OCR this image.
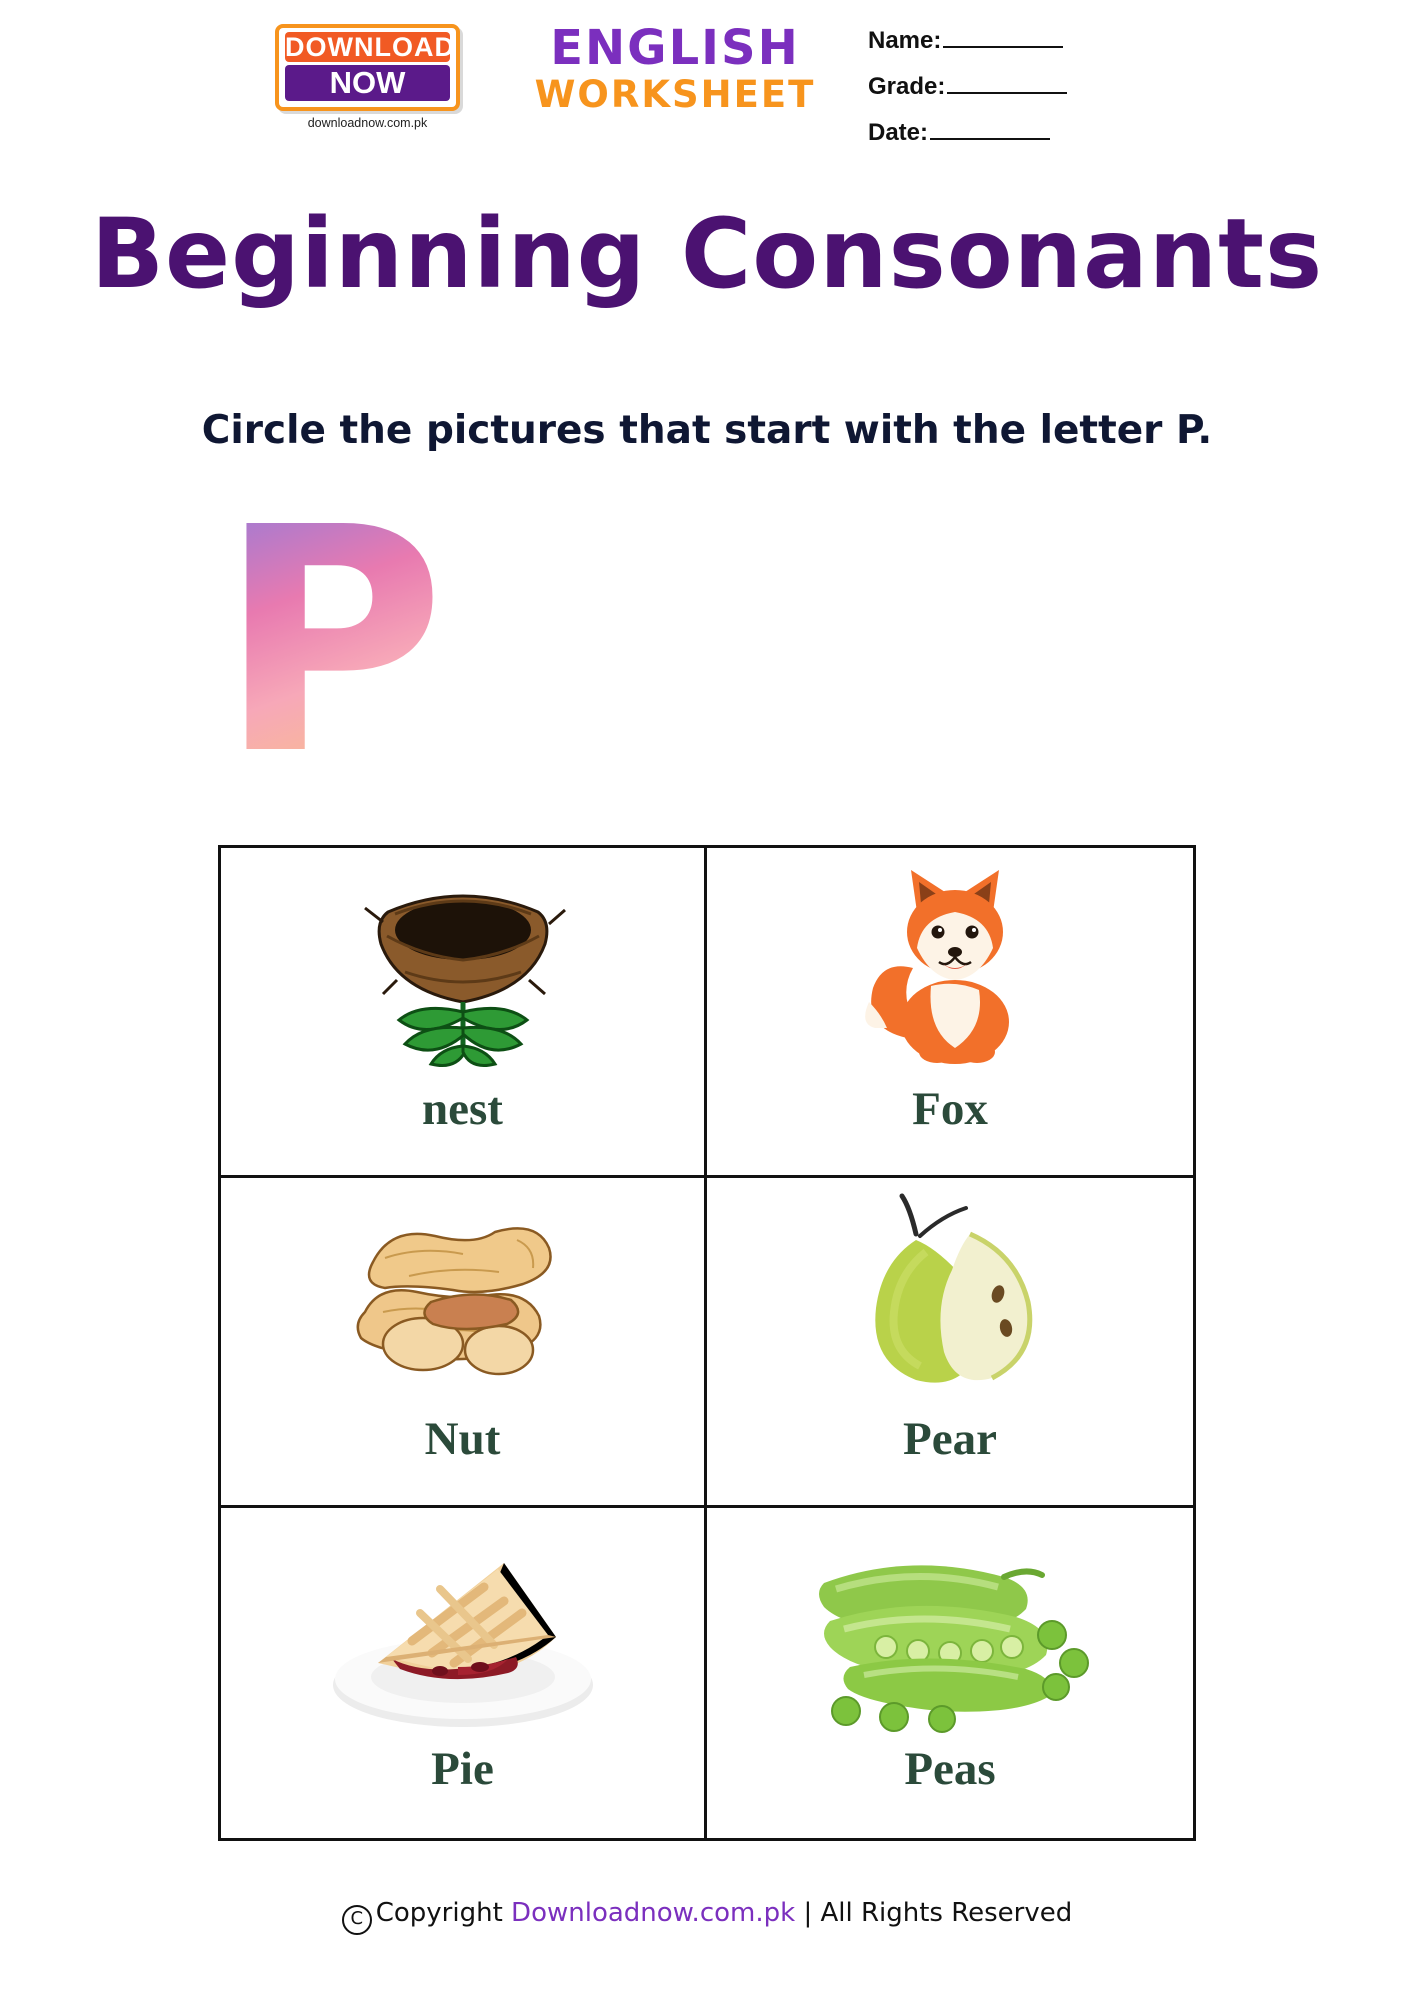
DOWNLOAD
NOW
downloadnow.com.pk
ENGLISH
WORKSHEET
Name:
Grade:
Date:
Beginning Consonants
Circle the pictures that start with the letter P.
P
nest	Fox
Nut	Pear
Pie	Peas
C Copyright Downloadnow.com.pk | All Rights Reserved
